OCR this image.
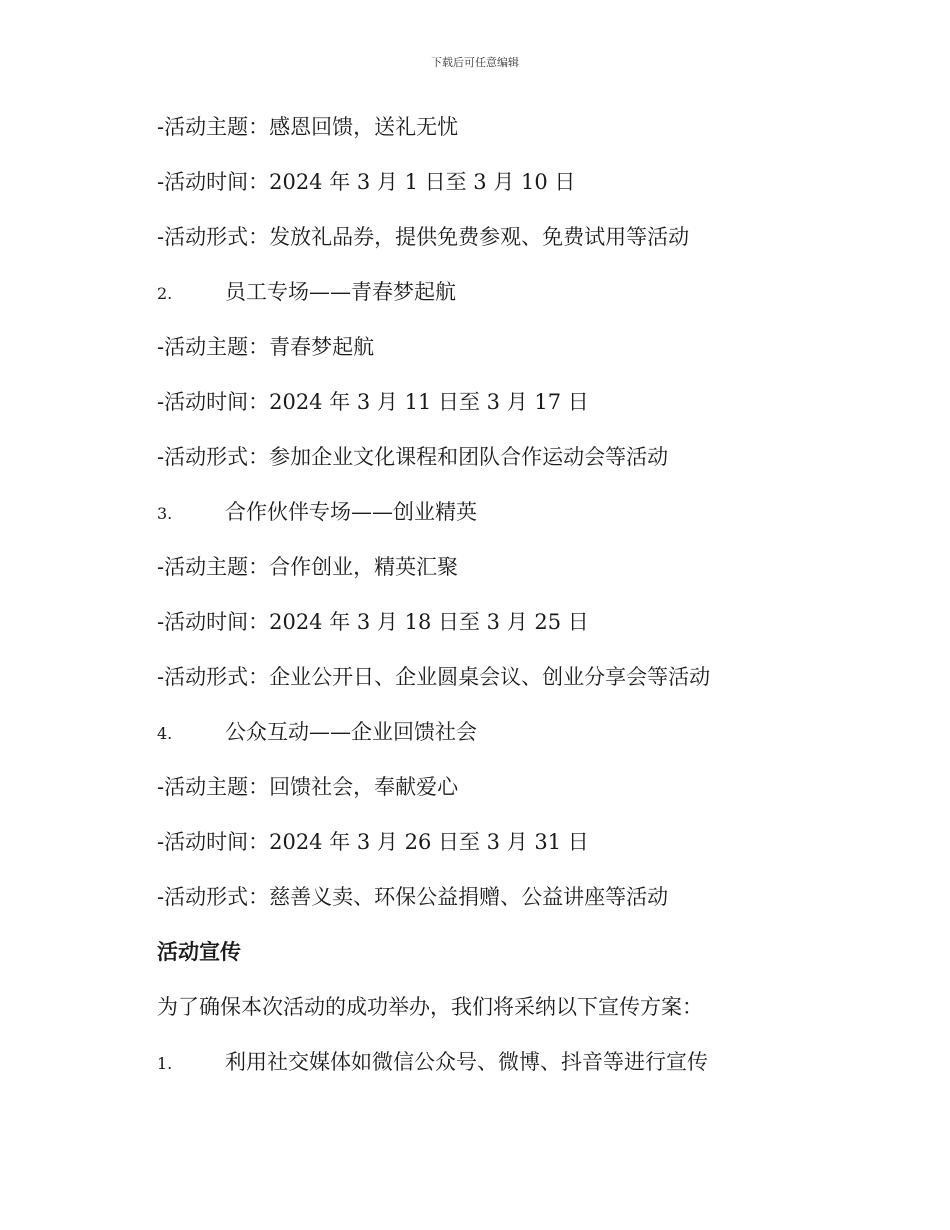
下载后可任意编辑
-活动主题：感恩回馈，送礼无忧
-活动时间：2024 年 3 月 1 日至 3 月 10 日
-活动形式：发放礼品券，提供免费参观、免费试用等活动
2.	员工专场——青春梦起航
-活动主题：青春梦起航
-活动时间：2024 年 3 月 11 日至 3 月 17 日
-活动形式：参加企业文化课程和团队合作运动会等活动
3.	合作伙伴专场——创业精英
-活动主题：合作创业，精英汇聚
-活动时间：2024 年 3 月 18 日至 3 月 25 日
-活动形式：企业公开日、企业圆桌会议、创业分享会等活动
4.	公众互动——企业回馈社会
-活动主题：回馈社会，奉献爱心
-活动时间：2024 年 3 月 26 日至 3 月 31 日
-活动形式：慈善义卖、环保公益捐赠、公益讲座等活动
活动宣传
为了确保本次活动的成功举办，我们将采纳以下宣传方案：
1.	利用社交媒体如微信公众号、微博、抖音等进行宣传
